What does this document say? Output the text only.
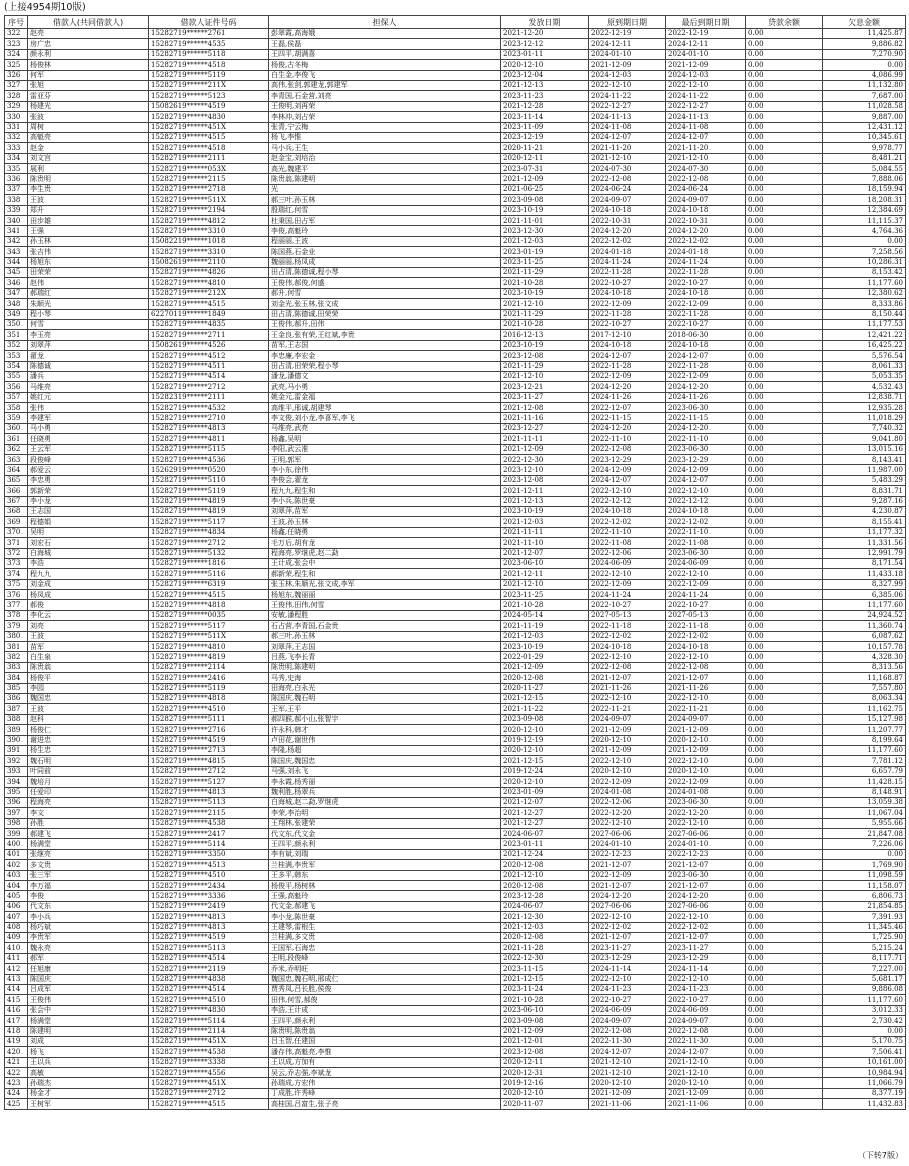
(上接4954期10版)
序号	借款人(共同借款人)	借款人证件号码	担保人	发放日期	原到期日期	最后到期日期	贷款余额	欠息金额
322	赵亮	15282719******2761	彭翠霞,高海娥	2021-12-20	2022-12-19	2022-12-19	0.00	11,425.87
323	房广忠	15282719******4535	王磊,侯磊	2023-12-12	2024-12-11	2024-12-11	0.00	9,886.82
324	颜永利	15282719******5118	王四平,胡满喜	2023-01-11	2024-01-10	2024-01-10	0.00	7,270.90
325	杨俊林	15282719******4518	杨俊,古冬梅	2020-12-10	2021-12-09	2021-12-09	0.00	0.00
326	何军	15282719******5119	白生金,李俊飞	2023-12-04	2024-12-03	2024-12-03	0.00	4,086.99
327	张旭	15282719******211X	高伟,张剑,郭建龙,郭建军	2021-12-13	2022-12-10	2022-12-10	0.00	11,132.80
328	雷亚芬	15282719******5123	李青国,石金营,刘亮	2023-11-23	2024-11-22	2024-11-22	0.00	7,687.00
329	杨建光	15082619******4519	王俊明,刘再荣	2021-12-28	2022-12-27	2022-12-27	0.00	11,028.58
330	张波	15282719******4830	李林冲,刘占荣	2023-11-14	2024-11-13	2024-11-13	0.00	9,887.00
331	周树	15282719******451X	张青,宁云梅	2023-11-09	2024-11-08	2024-11-08	0.00	12,431.12
332	高魁亮	15282719******4515	杨飞,李惟	2023-12-19	2024-12-07	2024-12-07	0.00	10,345.61
333	赵金	15282719******4518	马小兵,王生	2020-11-21	2021-11-20	2021-11-20	0.00	9,978.77
334	刘文宫	15282719******2111	赵金宝,刘培治	2020-12-11	2021-12-10	2021-12-10	0.00	8,481.21
335	展利	15282719******053X	高光,魏建平	2023-07-31	2024-07-30	2024-07-30	0.00	5,084.55
336	陈贵明	15282719******2115	陈贵翁,陈建明	2021-12-09	2022-12-08	2022-12-08	0.00	7,888.06
337	李生贵	15282719******2718	光	2021-06-25	2024-06-24	2024-06-24	0.00	18,159.94
338	王波	15282719******511X	郝三叶,孙玉林	2023-09-08	2024-09-07	2024-09-07	0.00	18,208.31
339	郑升	15282719******2194	殷瑞红,何雪	2023-10-19	2024-10-18	2024-10-18	0.00	12,384.69
340	田步雄	15282719******4812	杜秉国,田占军	2021-11-01	2022-10-31	2022-10-31	0.00	11,115.37
341	王强	15282719******3310	李俊,高魁玲	2023-12-30	2024-12-20	2024-12-20	0.00	4,764.36
342	孙玉林	15082219******1018	程丽丽,王波	2021-12-03	2022-12-02	2022-12-02	0.00	0.00
343	张吉伟	15282719******3310	陈国燕,石金业	2023-01-19	2024-01-18	2024-01-18	0.00	7,258.56
344	杨旭东	15082619******2110	魏丽丽,杨凤成	2023-11-25	2024-11-24	2024-11-24	0.00	10,286.31
345	田荣荣	15282719******4826	田占清,陈德诚,程小琴	2021-11-29	2022-11-28	2022-11-28	0.00	8,153.42
346	赵伟	15282719******4810	王俊伟,郝俊,何盛	2021-10-28	2022-10-27	2022-10-27	0.00	11,177.60
347	郝瑞红	15282719******212X	郝升,何雪	2023-10-19	2024-10-18	2024-10-18	0.00	12,380.62
348	朱顺光	15282719******4515	刘金光,张玉林,张文成	2021-12-10	2022-12-09	2022-12-09	0.00	8,333.86
349	程小琴	62270119******1849	田占清,陈德诚,田荣荣	2021-11-29	2022-11-28	2022-11-28	0.00	8,150.44
350	何雪	15282719******4835	王俊伟,郝升,田伟	2021-10-28	2022-10-27	2022-10-27	0.00	11,177.53
351	李玉亮	15282719******2711	王金良,张有荣,王红斌,李贵	2016-12-13	2017-12-10	2018-06-30	0.00	12,421.22
352	刘翠萍	15082619******4526	苗军,王志国	2023-10-19	2024-10-18	2024-10-18	0.00	16,425.22
353	翟龙	15282719******4512	李忠廉,李宏金	2023-12-08	2024-12-07	2024-12-07	0.00	5,576.54
354	陈德诚	15282719******4511	田占清,田荣荣,程小琴	2021-11-29	2022-11-28	2022-11-28	0.00	8,061.33
355	潘兵	15282719******4514	潘龙,潘德文	2021-12-10	2022-12-09	2022-12-09	0.00	5,053.35
356	马维亮	15282719******2712	武亮,马小勇	2023-12-21	2024-12-20	2024-12-20	0.00	4,532.43
357	姚红元	15282319******2111	姚金元,雷金福	2023-11-27	2024-11-26	2024-11-26	0.00	12,838.71
358	张伟	15282719******4532	高维平,邢诚,胡建琴	2021-12-08	2022-12-07	2023-06-30	0.00	12,935.28
359	李建军	15282719******2710	李文俊,刘小龙,李喜军,李飞	2021-11-16	2022-11-15	2022-11-15	0.00	11,018.29
360	马小勇	15282719******4813	马维亮,武亮	2023-12-27	2024-12-20	2024-12-20	0.00	7,740.32
361	任晓勇	15282719******4811	杨鑫,吴明	2021-11-11	2022-11-10	2022-11-10	0.00	9,041.80
362	王云军	15282719******5115	李阳,武云准	2021-12-09	2022-12-08	2023-06-30	0.00	13,015.16
363	段俊峰	15282719******4536	王明,郭军	2022-12-30	2023-12-29	2023-12-29	0.00	8,143.41
364	郝爱云	15262919******0520	李小东,徐伟	2023-12-10	2024-12-09	2024-12-09	0.00	11,987.00
365	李忠勇	15282719******5110	李俊会,翟龙	2023-12-08	2024-12-07	2024-12-07	0.00	5,483.29
366	郭新荣	15282719******5119	程九九,程生和	2021-12-11	2022-12-10	2022-12-10	0.00	8,831.71
367	李小龙	15282719******4819	李小兵,陈世豪	2021-12-13	2022-12-12	2022-12-12	0.00	9,287.16
368	王志国	15282719******4819	刘翠萍,苗军	2023-10-19	2024-10-18	2024-10-18	0.00	4,230.87
369	程德娟	15282719******5117	王波,孙玉林	2021-12-03	2022-12-02	2022-12-02	0.00	8,155.41
370	吴明	15282719******4834	杨鑫,任晓勇	2021-11-11	2022-11-10	2022-11-10	0.00	11,177.32
371	刘宏石	15282719******2712	毛万后,胡有龙	2021-11-10	2022-11-08	2022-11-08	0.00	11,331.56
372	白海城	15282719******5132	程海亮,罗继虎,赵二勐	2021-12-07	2022-12-06	2023-06-30	0.00	12,991.79
373	李浩	15282719******1816	王计成,张会中	2023-06-10	2024-06-09	2024-06-09	0.00	8,171.54
374	程九九	15282719******5116	郝新荣,程生和	2021-12-11	2022-12-10	2022-12-10	0.00	11,433.18
375	刘金成	15282719******6319	张玉林,朱顺光,张文成,李军	2021-12-10	2022-12-09	2022-12-09	0.00	8,327.99
376	杨凤成	15282719******4515	杨旭东,魏丽丽	2023-11-25	2024-11-24	2024-11-24	0.00	6,385.06
377	郝俊	15282719******4818	王俊伟,田伟,何雪	2021-10-28	2022-10-27	2022-10-27	0.00	11,177.60
378	李化云	15282719******0035	安敏,潘程胜	2024-05-14	2027-05-13	2027-05-13	0.00	24,924.52
379	刘亮	15282719******5117	石占营,李青国,石金贵	2021-11-19	2022-11-18	2022-11-18	0.00	11,360.74
380	王波	15282719******511X	郝三叶,孙玉林	2021-12-03	2022-12-02	2022-12-02	0.00	6,087.62
381	苗军	15282719******4810	刘翠萍,王志国	2023-10-19	2024-10-18	2024-10-18	0.00	10,157.78
382	白生泉	15282719******4819	吕燕,飞李长青	2022-01-29	2022-12-10	2022-12-10	0.00	4,328.30
383	陈贵翁	15282719******2114	陈贵明,陈建明	2021-12-09	2022-12-08	2022-12-08	0.00	8,313.56
384	杨俊平	15282719******2416	马秀,史海	2020-12-08	2021-12-07	2021-12-07	0.00	11,168.87
385	李园	15282719******5119	田海亮,白永光	2020-11-27	2021-11-26	2021-11-26	0.00	7,557.80
386	魏国忠	15282719******4818	陈国庆,魏石明	2021-12-15	2022-12-10	2022-12-10	0.00	8,063.34
387	王波	15282719******4510	王军,王平	2021-11-22	2022-11-21	2022-11-21	0.00	11,162.75
388	赵科	15282719******5111	郝四猴,郝小山,张智宇	2023-09-08	2024-09-07	2024-09-07	0.00	15,127.98
389	杨俊仁	15282719******2716	许永科,韩才	2020-12-10	2021-12-09	2021-12-09	0.00	11,207.77
390	谢进忠	15282719******4519	卢田花,谢世伟	2019-12-19	2020-12-10	2020-12-10	0.00	8,199.64
391	杨生忠	15282719******2713	李隆,杨超	2020-12-10	2021-12-09	2021-12-09	0.00	11,177.60
392	魏石明	15282719******4815	陈国庆,魏国忠	2021-12-15	2022-12-10	2022-12-10	0.00	7,781.12
393	叶同前	15282719******2712	马强,刘永飞	2019-12-24	2020-12-10	2020-12-10	0.00	6,657.79
394	魏培月	15282719******5127	李永霞,杨秀丽	2020-12-10	2022-12-09	2022-12-09	0.00	11,428.15
395	任爱印	15282719******4813	魏利胜,杨翠兵	2023-01-09	2024-01-08	2024-01-08	0.00	8,148.91
396	程海亮	15282719******5113	白海城,赵二勐,罗继虎	2021-12-07	2022-12-06	2023-06-30	0.00	13,059.38
397	李文	15282719******2115	李荣,李治明	2021-12-27	2022-12-20	2022-12-20	0.00	11,067.04
398	孙胜	15282719******4538	王翔林,张建荣	2021-12-27	2022-12-10	2022-12-10	0.00	5,955.66
399	郝建飞	15282719******2417	代文东,代文金	2024-06-07	2027-06-06	2027-06-06	0.00	21,847.08
400	杨满堂	15282719******5114	王四平,颜永利	2023-01-11	2024-01-10	2024-01-10	0.00	7,226.06
401	张继亮	15282719******3350	李有斌,刘瑞	2021-12-24	2022-12-23	2022-12-23	0.00	0.00
402	多文贵	15282719******4513	兰桂满,李贵军	2020-12-08	2021-12-07	2021-12-07	0.00	1,769.90
403	张三军	15282719******4510	王多平,韩东	2021-12-10	2022-12-09	2023-06-30	0.00	11,098.59
404	李万福	15282719******2434	杨俊平,杨树林	2020-12-08	2021-12-07	2021-12-07	0.00	11,158.07
405	李俊	15282719******3336	王强,高魁玲	2023-12-28	2024-12-20	2024-12-20	0.00	6,806.73
406	代文东	15282719******2419	代文金,郝建飞	2024-06-07	2027-06-06	2027-06-06	0.00	21,854.85
407	李小兵	15282719******4813	李小龙,陈世豪	2021-12-30	2022-12-10	2022-12-10	0.00	7,391.93
408	杨巧斌	15282719******4813	王建琴,雷根生	2021-12-03	2022-12-02	2022-12-02	0.00	11,345.46
409	李贵军	15282719******4519	兰桂满,多文贵	2020-12-08	2021-12-07	2021-12-07	0.00	1,725.90
410	魏永亮	15282719******5113	王国军,石海忠	2021-11-28	2023-11-27	2023-11-27	0.00	5,215.24
411	郝军	15282719******4514	王明,段俊峰	2022-12-30	2023-12-29	2023-12-29	0.00	8,117.71
412	任旭康	15282719******2119	乔米,乔明旺	2023-11-15	2024-11-14	2024-11-14	0.00	7,227.00
413	陈国庆	15282719******4838	魏国忠,魏石明,邢成仁	2021-12-15	2022-12-10	2022-12-10	0.00	5,681.17
414	吕成军	15282719******4514	贾秀凤,吕长胜,侯俊	2023-11-24	2024-11-23	2024-11-23	0.00	9,886.08
415	王俊伟	15282719******4510	田伟,何雪,郝俊	2021-10-28	2022-10-27	2022-10-27	0.00	11,177.60
416	张会中	15282719******4830	李浩,王计成	2023-06-10	2024-06-09	2024-06-09	0.00	3,012.33
417	杨满堂	15282719******5114	王四平,颜永利	2023-09-08	2024-09-07	2024-09-07	0.00	2,730.42
418	陈建明	15282719******2114	陈贵明,陈贵翁	2021-12-09	2022-12-08	2022-12-08	0.00	0.00
419	刘成	15282719******451X	吕玉智,任建国	2021-12-01	2022-11-30	2022-11-30	0.00	5,170.75
420	杨飞	15282719******4538	潘存伟,高魁亮,李惟	2023-12-08	2024-12-07	2024-12-07	0.00	7,506.41
421	王以兵	15282719******3338	王以成,方加有	2020-12-11	2021-12-10	2021-12-10	0.00	10,161.00
422	高敏	15282719******4556	吴云,乔志强,李斌龙	2020-12-31	2021-12-10	2021-12-10	0.00	10,984.94
423	孙瑞杰	15282719******451X	孙瑞成,方宏伟	2019-12-16	2020-12-10	2020-12-10	0.00	11,066.79
424	杨金才	15282719******2712	丁成胜,许秀峰	2020-12-10	2021-12-09	2021-12-09	0.00	8,377.19
425	王树军	15282719******4515	高桂国,吕富生,张子亮	2020-11-07	2021-11-06	2021-11-06	0.00	11,432.83
（下转7版）
